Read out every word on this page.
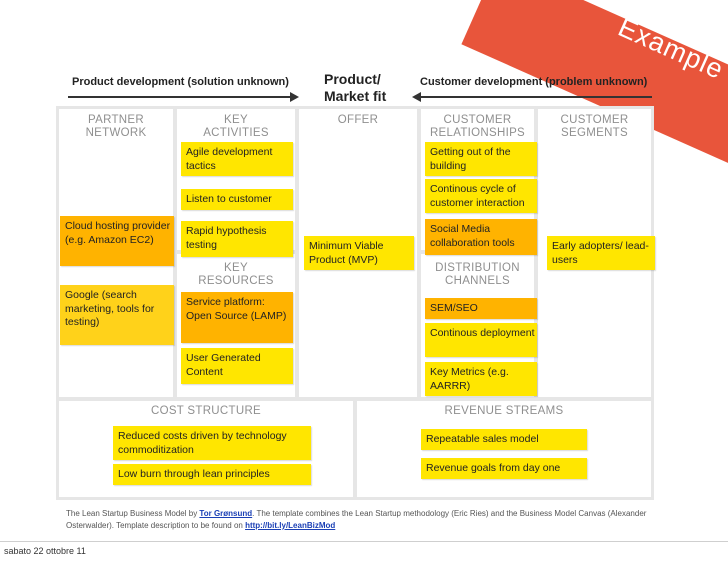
Example
Product development (solution unknown)	Product/
Market fit
Customer development (problem unknown)
PARTNER
NETWORK
KEY
ACTIVITIES
OFFER	CUSTOMER
RELATIONSHIPS
CUSTOMER
SEGMENTS
KEY
RESOURCES
DISTRIBUTION
CHANNELS
COST STRUCTURE	REVENUE STREAMS
Agile development tactics
Listen to customer
Rapid hypothesis testing
Cloud hosting provider (e.g. Amazon EC2)
Google (search marketing, tools for testing)
Service platform: Open Source (LAMP)
User Generated Content
Minimum Viable Product (MVP)
Getting out of the building
Continous cycle of customer interaction
Social Media collaboration tools	Early adopters/ lead-users
SEM/SEO
Continous deployment
Key Metrics (e.g. AARRR)
Reduced costs driven by technology commoditization
Low burn through lean principles
Repeatable sales model
Revenue goals from day one
The Lean Startup Business Model by Tor Grønsund. The template combines the Lean Startup methodology (Eric Ries) and the Business Model Canvas (Alexander Osterwalder). Template description to be found on http://bit.ly/LeanBizMod
sabato 22 ottobre 11
